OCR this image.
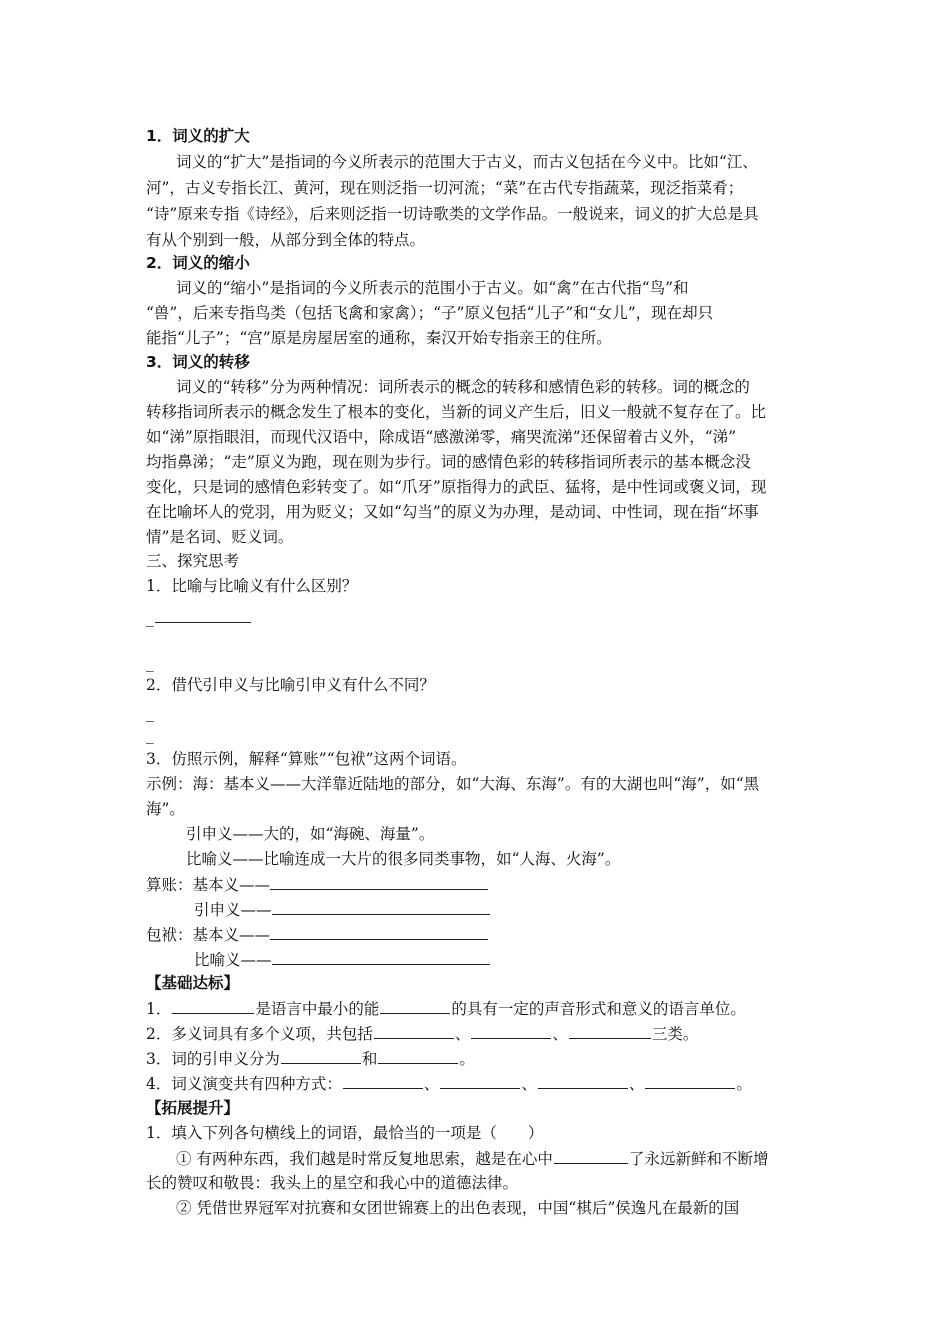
1．词义的扩大
词义的“扩大”是指词的今义所表示的范围大于古义，而古义包括在今义中。比如“江、
河”，古义专指长江、黄河，现在则泛指一切河流；“菜”在古代专指蔬菜，现泛指菜肴；
“诗”原来专指《诗经》，后来则泛指一切诗歌类的文学作品。一般说来，词义的扩大总是具
有从个别到一般，从部分到全体的特点。
2．词义的缩小
词义的“缩小”是指词的今义所表示的范围小于古义。如“禽”在古代指“鸟”和
“兽”，后来专指鸟类（包括飞禽和家禽）；“子”原义包括“儿子”和“女儿”，现在却只
能指“儿子”；“宫”原是房屋居室的通称，秦汉开始专指亲王的住所。
3．词义的转移
词义的“转移”分为两种情况：词所表示的概念的转移和感情色彩的转移。词的概念的
转移指词所表示的概念发生了根本的变化，当新的词义产生后，旧义一般就不复存在了。比
如“涕”原指眼泪，而现代汉语中，除成语“感激涕零，痛哭流涕”还保留着古义外，“涕”
均指鼻涕；“走”原义为跑，现在则为步行。词的感情色彩的转移指词所表示的基本概念没
变化，只是词的感情色彩转变了。如“爪牙”原指得力的武臣、猛将，是中性词或褒义词，现
在比喻坏人的党羽，用为贬义；又如“勾当”的原义为办理，是动词、中性词，现在指“坏事
情”是名词、贬义词。
三、探究思考
1．比喻与比喻义有什么区别？
_
_
2．借代引申义与比喻引申义有什么不同？
_
_
3．仿照示例，解释“算账”“包袱”这两个词语。
示例：海：基本义——大洋靠近陆地的部分，如“大海、东海”。有的大湖也叫“海”，如“黑
海”。
引申义——大的，如“海碗、海量”。
比喻义——比喻连成一大片的很多同类事物，如“人海、火海”。
算账：基本义——
引申义——
包袱：基本义——
比喻义——
【基础达标】
1．	是语言中最小的能	的具有一定的声音形式和意义的语言单位。
2．多义词具有多个义项，共包括	、	、	三类。
3．词的引申义分为	和	。
4．词义演变共有四种方式：	、	、	、	。
【拓展提升】
1．填入下列各句横线上的词语，最恰当的一项是（　　）
① 有两种东西，我们越是时常反复地思索，越是在心中	了永远新鲜和不断增
长的赞叹和敬畏：我头上的星空和我心中的道德法律。
② 凭借世界冠军对抗赛和女团世锦赛上的出色表现，中国“棋后”侯逸凡在最新的国
